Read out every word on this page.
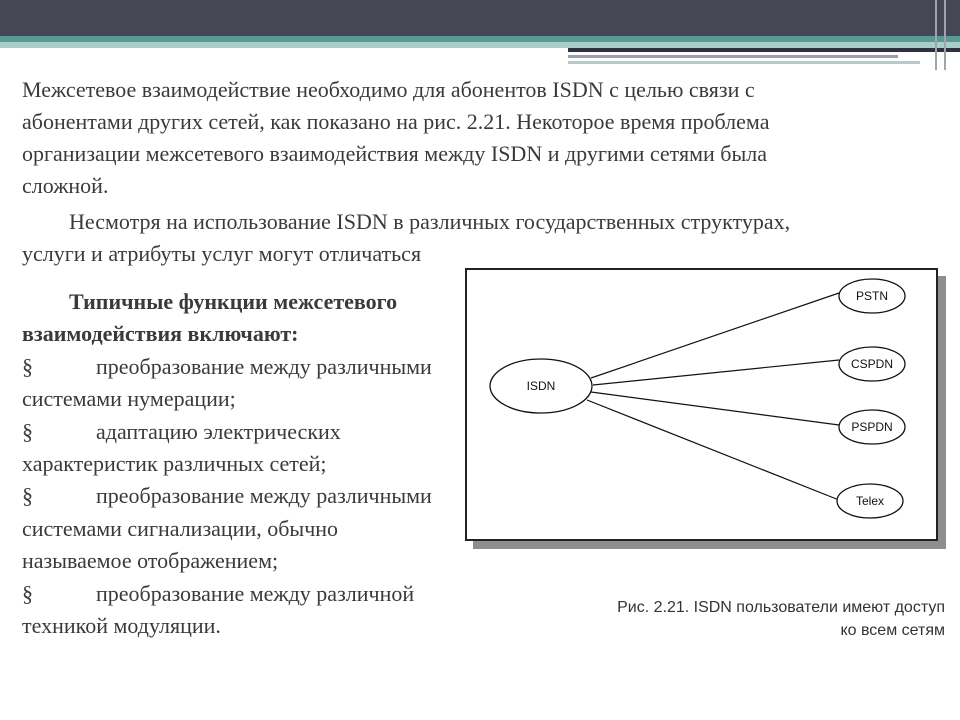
Межсетевое взаимодействие необходимо для абонентов ISDN с целью связи с абонентами других сетей, как показано на рис. 2.21. Некоторое время проблема организации межсетевого взаимодействия между ISDN и другими сетями была сложной.

Несмотря на использование ISDN в различных государственных структурах, услуги и атрибуты услуг могут отличаться

Типичные функции межсетевого взаимодействия включают:
§	преобразование между различными системами нумерации;
§	адаптацию электрических характеристик различных сетей;
§	преобразование между различными системами сигнализации, обычно называемое отображением;
§	преобразование между различной техникой модуляции.
ISDN
PSTN
CSPDN
PSPDN
Telex
Рис. 2.21. ISDN пользователи имеют доступ
ко всем сетям
